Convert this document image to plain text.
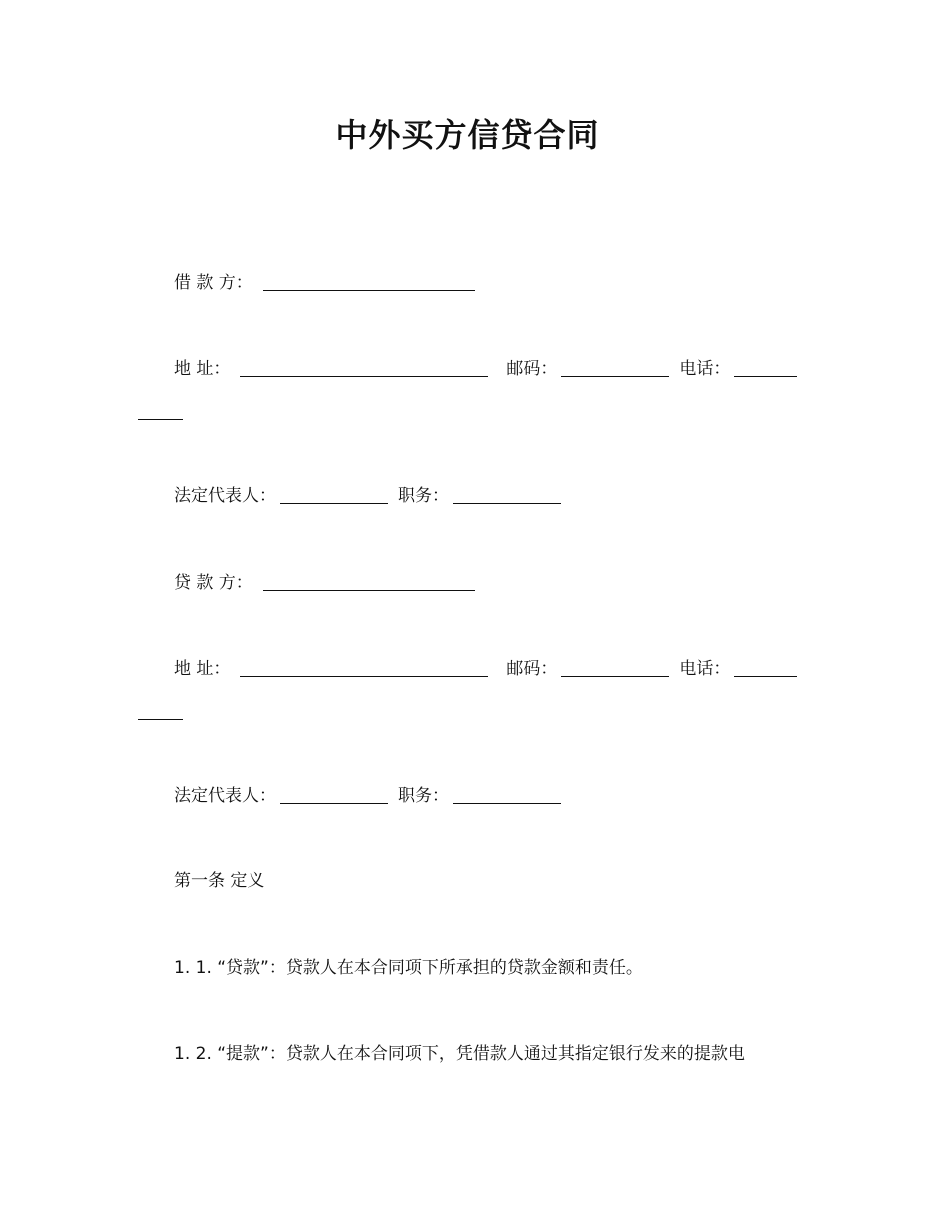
中外买方信贷合同
借 款 方：
地 址：	邮码：	电话：
法定代表人：	职务：
贷 款 方：
地 址：	邮码：	电话：
法定代表人：	职务：
第一条 定义
1. 1. “贷款”：贷款人在本合同项下所承担的贷款金额和责任。
1. 2. “提款”：贷款人在本合同项下，凭借款人通过其指定银行发来的提款电
